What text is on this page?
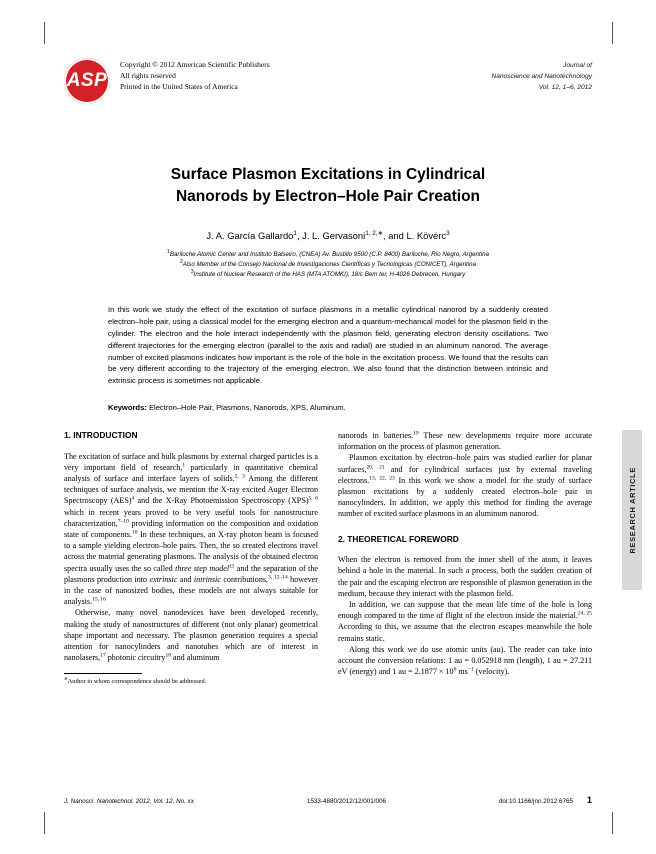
ASP
Copyright © 2012 American Scientific Publishers
All rights reserved
Printed in the United States of America
Journal of
Nanoscience and Nanotechnology
Vol. 12, 1–6, 2012
Surface Plasmon Excitations in Cylindrical
Nanorods by Electron–Hole Pair Creation
J. A. García Gallardo$^1$, J. L. Gervasoni$^{1, 2,∗}$, and L. Kövérc$^3$
$^1$Bariloche Atomic Center and Instituto Balseiro, (CNEA) Av. Bustillo 9500 (C.P. 8400) Bariloche, Río Negro, Argentina
$^2$Also Member of the Consejo Nacional de Investigaciones Científicas y Tecnologicas (CONICET), Argentina
$^3$Institute of Nuclear Research of the HAS (MTA ATOMKI), 18/c Bem ter, H-4026 Debrecen, Hungary
In this work we study the effect of the excitation of surface plasmons in a metallic cylindrical nanorod by a suddenly created electron–hole pair, using a classical model for the emerging electron and a quantum-mechanical model for the plasmon field in the cylinder. The electron and the hole interact independently with the plasmon field, generating electron density oscillations. Two different trajectories for the emerging electron (parallel to the axis and radial) are studied in an aluminum nanorod. The average number of excited plasmons indicates how important is the role of the hole in the excitation process. We found that the results can be very different according to the trajectory of the emerging electron. We also found that the distinction between intrinsic and extrinsic process is sometimes not applicable.
Keywords: Electron–Hole Pair, Plasmons, Nanorods, XPS, Aluminum.
1. INTRODUCTION

The excitation of surface and bulk plasmons by external charged particles is a very important field of research,$^1$ particularly in quantitative chemical analysis of surface and interface layers of solids.$^{2, 3}$ Among the different techniques of surface analysis, we mention the X-ray excited Auger Electron Spectroscopy (AES)$^4$ and the X-Ray Photoemission Spectroscopy (XPS)$^{5, 6}$ which in recent years proved to be very useful tools for nanostructure characterization,$^{7-10}$ providing information on the composition and oxidation state of components.$^{10}$ In these techniques, an X-ray photon beam is focused to a sample yielding electron–hole pairs. Then, the so created electrons travel across the material generating plasmons. The analysis of the obtained electron spectra usually uses the so called three step model$^{11}$ and the separation of the plasmons production into extrinsic and intrinsic contributions,$^{3, 12-14}$ however in the case of nanosized bodies, these models are not always suitable for analysis.$^{15, 16}$

Otherwise, many novel nanodevices have been developed recently, making the study of nanostructures of different (not only planar) geometrical shape important and necessary. The plasmon generation requires a special attention for nanocylinders and nanotubes which are of interest in nanolasers,$^{17}$ photonic circuitry$^{18}$ and aluminum

∗Author to whom correspondence should be addressed.

nanorods in batteries.$^{19}$ These new developments require more accurate information on the process of plasmon generation.

Plasmon excitation by electron–hole pairs was studied earlier for planar surfaces,$^{20, 21}$ and for cylindrical surfaces just by external traveling electrons.$^{13, 22, 23}$ In this work we show a model for the study of surface plasmon excitations by a suddenly created electron–hole pair in nanocylinders. In addition, we apply this method for finding the average number of excited surface plasmons in an aluminum nanorod.

2. THEORETICAL FOREWORD

When the electron is removed from the inner shell of the atom, it leaves behind a hole in the material. In such a process, both the sudden creation of the pair and the escaping electron are responsible of plasmon generation in the medium, because they interact with the plasmon field.

In addition, we can suppose that the mean life time of the hole is long enough compared to the time of flight of the electron inside the material.$^{24, 25}$ According to this, we assume that the electron escapes meanwhile the hole remains static.

Along this work we do use atomic units (au). The reader can take into account the conversion relations: 1 au = 0.052918 nm (length), 1 au = 27.211 eV (energy) and 1 au = $2.1877 \times 10^6$ $ms^{-1}$ (velocity).

RESEARCH ARTICLE
J. Nanosci. Nanotechnol. 2012, Vol. 12, No. xx	1533-4880/2012/12/001/006	doi:10.1166/jnn.2012.6765	1
